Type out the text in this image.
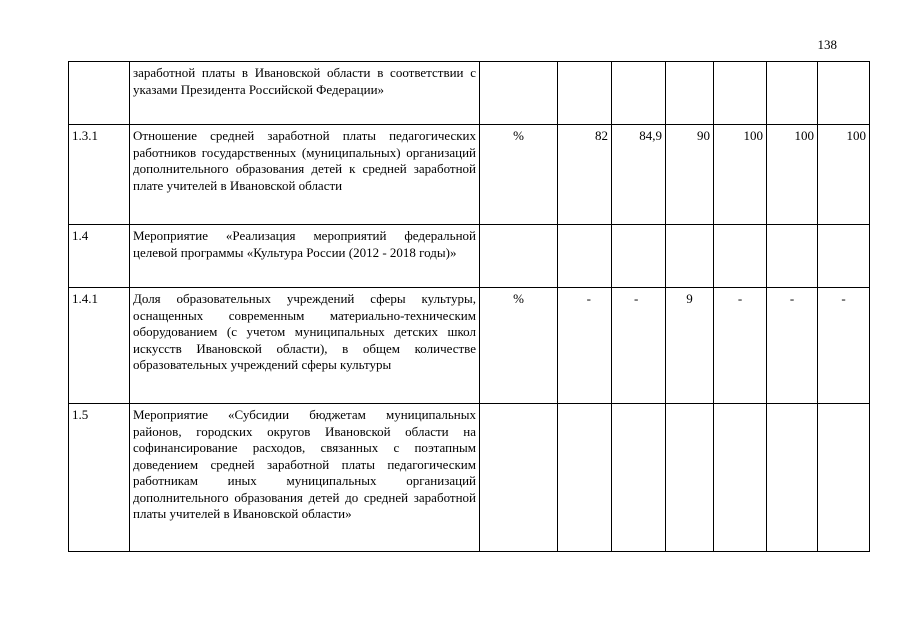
138
	заработной платы в Ивановской области в соответствии с указами Президента Российской Федерации»							
1.3.1	Отношение средней заработной платы педагогических работников государственных (муниципальных) организаций дополнительного образования детей к средней заработной плате учителей в Ивановской области	%	82	84,9	90	100	100	100
1.4	Мероприятие «Реализация мероприятий федеральной целевой программы «Культура России (2012 - 2018 годы)»							
1.4.1	Доля образовательных учреждений сферы культуры, оснащенных современным материально-техническим оборудованием (с учетом муниципальных детских школ искусств Ивановской области), в общем количестве образовательных учреждений сферы культуры	%	-	-	9	-	-	-
1.5	Мероприятие «Субсидии бюджетам муниципальных районов, городских округов Ивановской области на софинансирование расходов, связанных с поэтапным доведением средней заработной платы педагогическим работникам иных муниципальных организаций дополнительного образования детей до средней заработной платы учителей в Ивановской области»							
